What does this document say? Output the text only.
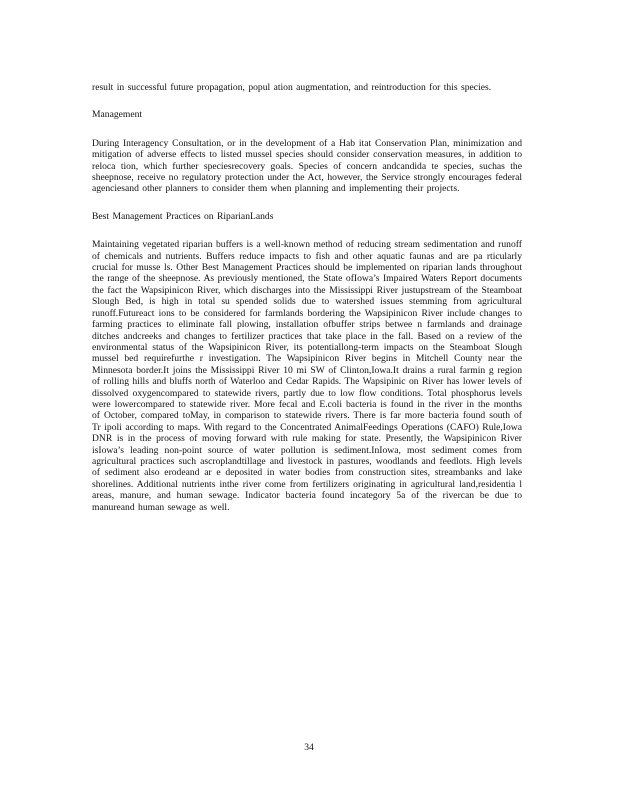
result in successful future propagation, popul ation augmentation, and reintroduction for this species.

Management

During Interagency Consultation, or in the development of a Hab itat Conservation Plan, minimization and mitigation of adverse effects to listed mussel species should consider conservation measures, in addition to reloca tion, which further speciesrecovery goals. Species of concern andcandida te species, suchas the sheepnose, receive no regulatory protection under the Act, however, the Service strongly encourages federal agenciesand other planners to consider them when planning and implementing their projects.

Best Management Practices on RiparianLands

Maintaining vegetated riparian buffers is a well-known method of reducing stream sedimentation and runoff of chemicals and nutrients. Buffers reduce impacts to fish and other aquatic faunas and are pa rticularly crucial for musse ls. Other Best Management Practices should be implemented on riparian lands throughout the range of the sheepnose. As previously mentioned, the State ofIowa’s Impaired Waters Report documents the fact the Wapsipinicon River, which discharges into the Mississippi River justupstream of the Steamboat Slough Bed, is high in total su spended solids due to watershed issues stemming from agricultural runoff.Futureact ions to be considered for farmlands bordering the Wapsipinicon River include changes to farming practices to eliminate fall plowing, installation ofbuffer strips betwee n farmlands and drainage ditches andcreeks and changes to fertilizer practices that take place in the fall. Based on a review of the environmental status of the Wapsipinicon River, its potentiallong-term impacts on the Steamboat Slough mussel bed requirefurthe r investigation. The Wapsipinicon River begins in Mitchell County near the Minnesota border.It joins the Mississippi River 10 mi SW of Clinton,Iowa.It drains a rural farmin g region of rolling hills and bluffs north of Waterloo and Cedar Rapids. The Wapsipinic on River has lower levels of dissolved oxygencompared to statewide rivers, partly due to low flow conditions. Total phosphorus levels were lowercompared to statewide river. More fecal and E.coli bacteria is found in the river in the months of October, compared toMay, in comparison to statewide rivers. There is far more bacteria found south of Tr ipoli according to maps. With regard to the Concentrated AnimalFeedings Operations (CAFO) Rule,Iowa DNR is in the process of moving forward with rule making for state. Presently, the Wapsipinicon River isIowa’s leading non-point source of water pollution is sediment.InIowa, most sediment comes from agricultural practices such ascroplandtillage and livestock in pastures, woodlands and feedlots. High levels of sediment also erodeand ar e deposited in water bodies from construction sites, streambanks and lake shorelines. Additional nutrients inthe river come from fertilizers originating in agricultural land,residentia l areas, manure, and human sewage. Indicator bacteria found incategory 5a of the rivercan be due to manureand human sewage as well.

34
